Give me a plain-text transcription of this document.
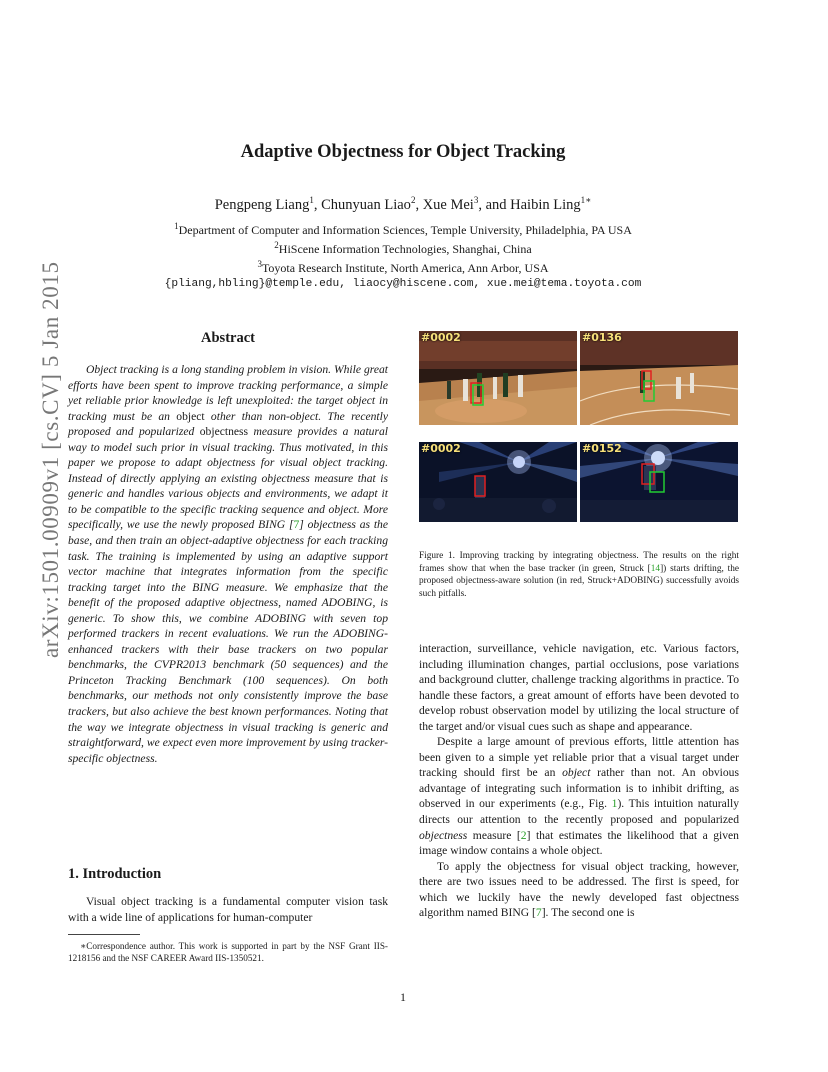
arXiv:1501.00909v1 [cs.CV] 5 Jan 2015
Adaptive Objectness for Object Tracking
Pengpeng Liang$^1$, Chunyuan Liao$^2$, Xue Mei$^3$, and Haibin Ling$^{1∗}$
$^1$Department of Computer and Information Sciences, Temple University, Philadelphia, PA USA
$^2$HiScene Information Technologies, Shanghai, China
$^3$Toyota Research Institute, North America, Ann Arbor, USA
{pliang,hbling}@temple.edu, liaocy@hiscene.com, xue.mei@tema.toyota.com
Abstract
Object tracking is a long standing problem in vision. While great efforts have been spent to improve tracking performance, a simple yet reliable prior knowledge is left unexploited: the target object in tracking must be an object other than non-object. The recently proposed and popularized objectness measure provides a natural way to model such prior in visual tracking. Thus motivated, in this paper we propose to adapt objectness for visual object tracking. Instead of directly applying an existing objectness measure that is generic and handles various objects and environments, we adapt it to be compatible to the specific tracking sequence and object. More specifically, we use the newly proposed BING [7] objectness as the base, and then train an object-adaptive objectness for each tracking task. The training is implemented by using an adaptive support vector machine that integrates information from the specific tracking target into the BING measure. We emphasize that the benefit of the proposed adaptive objectness, named ADOBING, is generic. To show this, we combine ADOBING with seven top performed trackers in recent evaluations. We run the ADOBING-enhanced trackers with their base trackers on two popular benchmarks, the CVPR2013 benchmark (50 sequences) and the Princeton Tracking Benchmark (100 sequences). On both benchmarks, our methods not only consistently improve the base trackers, but also achieve the best known performances. Noting that the way we integrate objectness in visual tracking is generic and straightforward, we expect even more improvement by using tracker-specific objectness.
1. Introduction
Visual object tracking is a fundamental computer vision task with a wide line of applications for human-computer
∗Correspondence author. This work is supported in part by the NSF Grant IIS-1218156 and the NSF CAREER Award IIS-1350521.
#0002	#0136
#0002	#0152
Figure 1. Improving tracking by integrating objectness. The results on the right frames show that when the base tracker (in green, Struck [14]) starts drifting, the proposed objectness-aware solution (in red, Struck+ADOBING) successfully avoids such pitfalls.

interaction, surveillance, vehicle navigation, etc. Various factors, including illumination changes, partial occlusions, pose variations and background clutter, challenge tracking algorithms in practice. To handle these factors, a great amount of efforts have been devoted to develop robust observation model by utilizing the local structure of the target and/or visual cues such as shape and appearance.

Despite a large amount of previous efforts, little attention has been given to a simple yet reliable prior that a visual target under tracking should first be an object rather than not. An obvious advantage of integrating such information is to inhibit drifting, as observed in our experiments (e.g., Fig. 1). This intuition naturally directs our attention to the recently proposed and popularized objectness measure [2] that estimates the likelihood that a given image window contains a whole object.

To apply the objectness for visual object tracking, however, there are two issues need to be addressed. The first is speed, for which we luckily have the newly developed fast objectness algorithm named BING [7]. The second one is

1
